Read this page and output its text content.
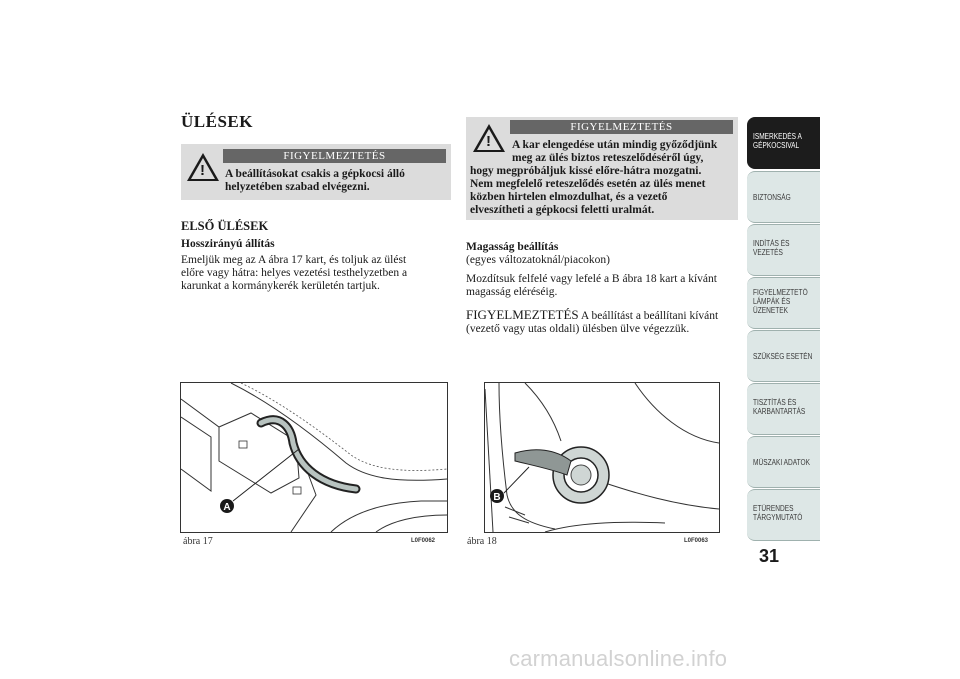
ÜLÉSEK
!
FIGYELMEZTETÉS
A beállításokat csakis a gépkocsi álló
helyzetében szabad elvégezni.
ELSŐ ÜLÉSEK
Hosszirányú állítás
Emeljük meg az A ábra 17 kart, és toljuk az ülést
előre vagy hátra: helyes vezetési testhelyzetben a
karunkat a kormánykerék kerületén tartjuk.
!
FIGYELMEZTETÉS
A kar elengedése után mindig győződjünk
meg az ülés biztos reteszelődéséről úgy,
hogy megpróbáljuk kissé előre-hátra mozgatni.
Nem megfelelő reteszelődés esetén az ülés menet
közben hirtelen elmozdulhat, és a vezető
elveszítheti a gépkocsi feletti uralmát.
Magasság beállítás
(egyes változatoknál/piacokon)
Mozdítsuk felfelé vagy lefelé a B ábra 18 kart a kívánt
magasság eléréséig.
FIGYELMEZTETÉS A beállítást a beállítani kívánt
(vezető vagy utas oldali) ülésben ülve végezzük.
A
ábra 17	L0F0062
B
ábra 18	L0F0063
ISMERKEDÉS A
GÉPKOCSIVAL
BIZTONSÁG
INDÍTÁS ÉS
VEZETÉS
FIGYELMEZTETŐ
LÁMPÁK ÉS
ÜZENETEK
SZÜKSÉG ESETÉN
TISZTÍTÁS ÉS
KARBANTARTÁS
MŰSZAKI ADATOK
ETŰRENDES
TÁRGYMUTATÓ
31
carmanualsonline.info
